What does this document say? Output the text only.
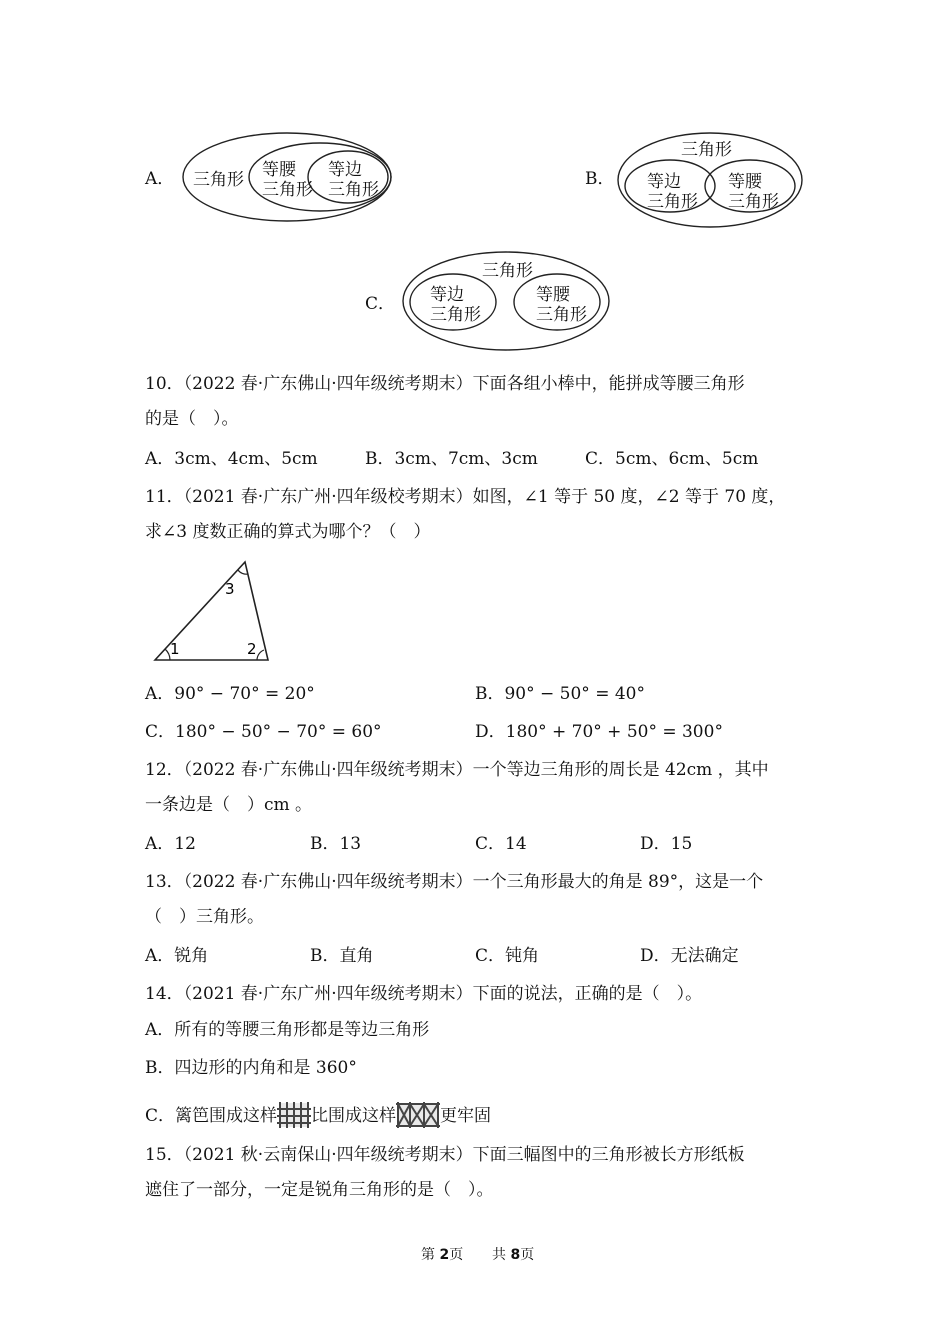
A． 三角形 等腰
三角形
等边
三角形
B．
三角形
等边
三角形
等腰
三角形
C．
三角形
等边
三角形
等腰
三角形
10．（2022 春·广东佛山·四年级统考期末）下面各组小棒中，能拼成等腰三角形
的是（　）。
A．3cm、4cm、5cm	B．3cm、7cm、3cm	C．5cm、6cm、5cm
11．（2021 春·广东广州·四年级校考期末）如图，∠1 等于 50 度，∠2 等于 70 度，
求∠3 度数正确的算式为哪个？（　）
1	2
3
A．90° − 70° = 20°	B．90° − 50° = 40°
C．180° − 50° − 70° = 60°	D．180° + 70° + 50° = 300°
12．（2022 春·广东佛山·四年级统考期末）一个等边三角形的周长是 42cm ，其中
一条边是（　）cm 。
A．12	B．13	C．14	D．15
13．（2022 春·广东佛山·四年级统考期末）一个三角形最大的角是 89°，这是一个
（　）三角形。
A．锐角	B．直角	C．钝角	D．无法确定
14．（2021 春·广东广州·四年级统考期末）下面的说法，正确的是（　）。
A．所有的等腰三角形都是等边三角形
B．四边形的内角和是 360°
C．篱笆围成这样 比围成这样	更牢固
15．（2021 秋·云南保山·四年级统考期末）下面三幅图中的三角形被长方形纸板
遮住了一部分，一定是锐角三角形的是（　）。
第 2页 共 8页
